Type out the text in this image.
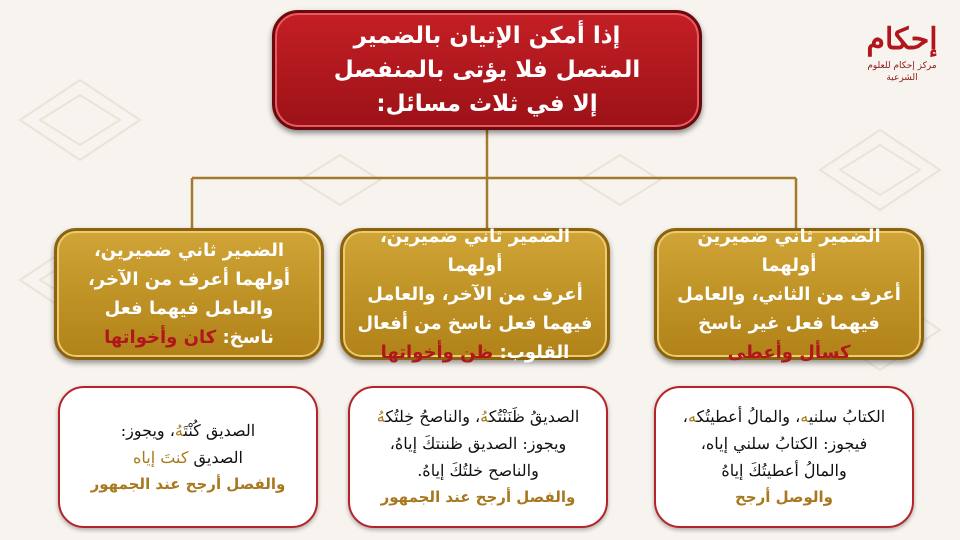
إحكام
مركز إحكام للعلوم الشرعية
إذا أمكن الإتيان بالضمير
المتصل فلا يؤتى بالمنفصل
إلا في ثلاث مسائل:
الضمير ثاني ضميرين أولهما
أعرف من الثاني، والعامل
فيهما فعل غير ناسخ
كسأل وأعطى
الضمير ثاني ضميرين، أولهما
أعرف من الآخر، والعامل
فيهما فعل ناسخ من أفعال
القلوب: ظن وأخواتها
الضمير ثاني ضميرين،
أولهما أعرف من الآخر،
والعامل فيهما فعل
ناسخ: كان وأخواتها
الكتابُ سلنيه، والمالُ أعطيتُكه،
فيجوز: الكتابُ سلني إياه،
والمالُ أعطيتُكَ إياهُ
والوصل أرجح
الصديقُ ظَنَنْتُكهُ، والناصحُ خِلتُكهُ
ويجوز: الصديق ظننتكَ إياهُ،
والناصح خلتُكَ إياهُ.
والفصل أرجح عند الجمهور
الصديق كُنْتَهُ، ويجوز:
الصديق كنتَ إياه
والفصل أرجح عند الجمهور
